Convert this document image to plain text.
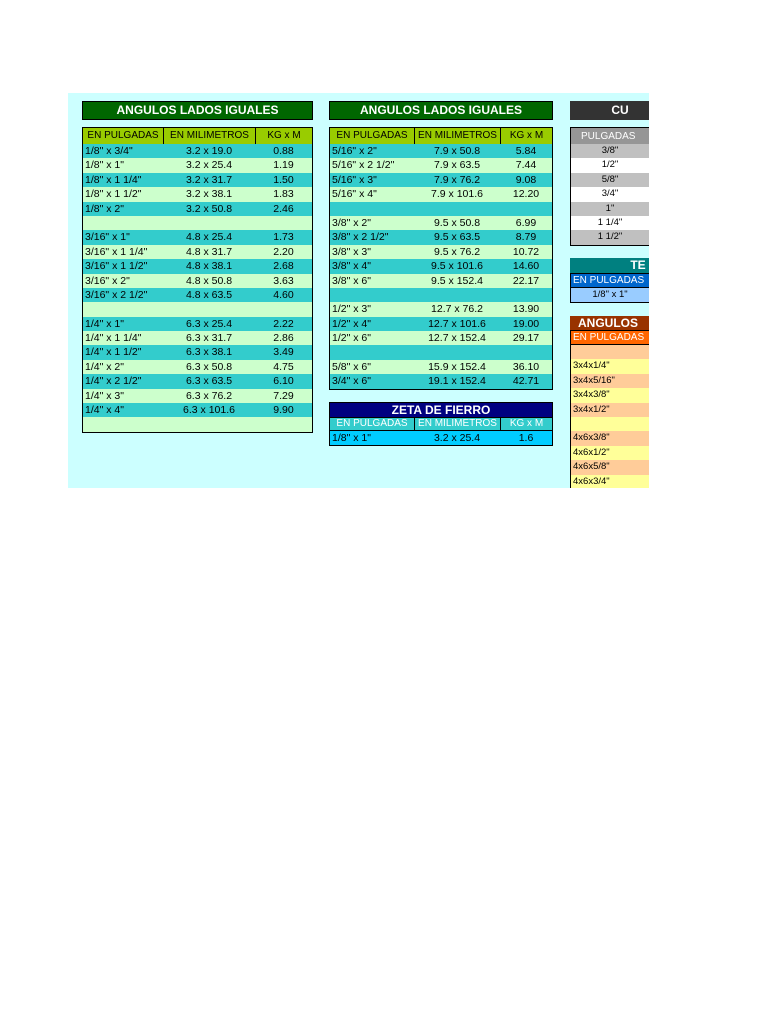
ANGULOS LADOS IGUALES
EN PULGADAS	EN MILIMETROS	KG x M
1/8" x 3/4"	3.2 x 19.0	0.88
1/8" x 1"	3.2 x 25.4	1.19
1/8" x 1 1/4"	3.2 x 31.7	1.50
1/8" x 1 1/2"	3.2 x 38.1	1.83
1/8" x 2"	3.2 x 50.8	2.46
3/16" x 1"	4.8 x 25.4	1.73
3/16" x 1 1/4"	4.8 x 31.7	2.20
3/16" x 1 1/2"	4.8 x 38.1	2.68
3/16" x 2"	4.8 x 50.8	3.63
3/16" x 2 1/2"	4.8 x 63.5	4.60
1/4" x 1"	6.3 x 25.4	2.22
1/4" x 1 1/4"	6.3 x 31.7	2.86
1/4" x 1 1/2"	6.3 x 38.1	3.49
1/4" x 2"	6.3 x 50.8	4.75
1/4" x 2 1/2"	6.3 x 63.5	6.10
1/4" x 3"	6.3 x 76.2	7.29
1/4" x 4"	6.3 x 101.6	9.90
ANGULOS LADOS IGUALES
EN PULGADAS	EN MILIMETROS	KG x M
5/16" x 2"	7.9 x 50.8	5.84
5/16" x 2 1/2"	7.9 x 63.5	7.44
5/16" x 3"	7.9 x 76.2	9.08
5/16" x 4"	7.9 x 101.6	12.20
3/8" x 2"	9.5 x 50.8	6.99
3/8" x 2 1/2"	9.5 x 63.5	8.79
3/8" x 3"	9.5 x 76.2	10.72
3/8" x 4"	9.5 x 101.6	14.60
3/8" x 6"	9.5 x 152.4	22.17
1/2" x 3"	12.7 x 76.2	13.90
1/2" x 4"	12.7 x 101.6	19.00
1/2" x 6"	12.7 x 152.4	29.17
5/8" x 6"	15.9 x 152.4	36.10
3/4" x 6"	19.1 x 152.4	42.71
ZETA DE FIERRO
EN PULGADAS	EN MILIMETROS	KG x M
1/8" x 1"	3.2 x 25.4	1.6
CU
PULGADAS
3/8"
1/2"
5/8"
3/4"
1"
1 1/4"
1 1/2"
TE
EN PULGADAS
1/8" x 1"
ANGULOS
EN PULGADAS
3x4x1/4"
3x4x5/16"
3x4x3/8"
3x4x1/2"
4x6x3/8"
4x6x1/2"
4x6x5/8"
4x6x3/4"
